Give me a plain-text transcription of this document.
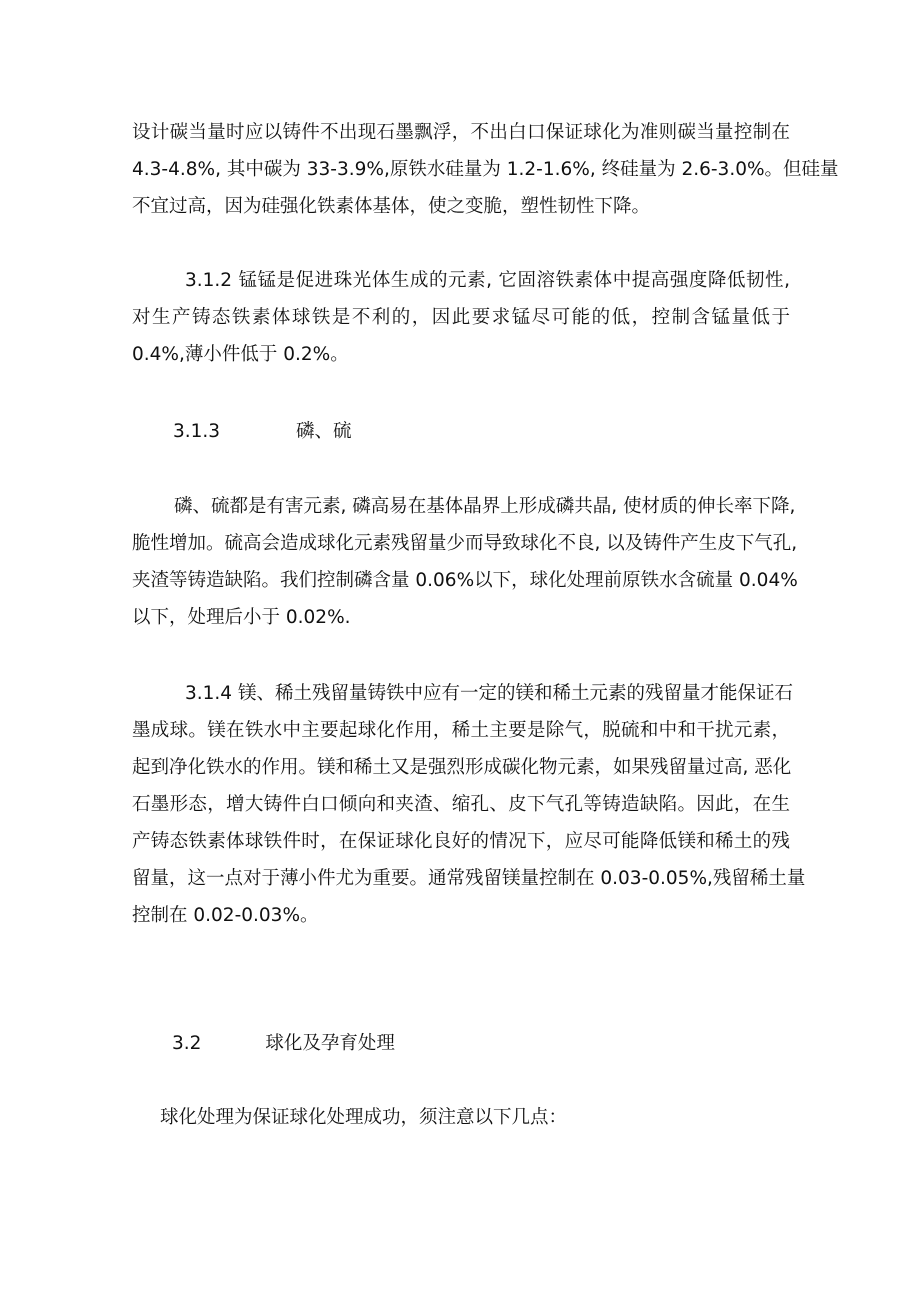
设计碳当量时应以铸件不出现石墨飘浮，不出白口保证球化为准则碳当量控制在
4.3-4.8%, 其中碳为 33-3.9%,原铁水硅量为 1.2-1.6%, 终硅量为 2.6-3.0%。但硅量
不宜过高，因为硅强化铁素体基体，使之变脆，塑性韧性下降。
3.1.2 锰锰是促进珠光体生成的元素, 它固溶铁素体中提高强度降低韧性,
对生产铸态铁素体球铁是不利的，因此要求锰尽可能的低，控制含锰量低于
0.4%,薄小件低于 0.2%。
3.1.3	磷、硫
磷、硫都是有害元素, 磷高易在基体晶界上形成磷共晶, 使材质的伸长率下降,
脆性增加。硫高会造成球化元素残留量少而导致球化不良, 以及铸件产生皮下气孔,
夹渣等铸造缺陷。我们控制磷含量 0.06%以下，球化处理前原铁水含硫量 0.04%
以下，处理后小于 0.02%.
3.1.4 镁、稀土残留量铸铁中应有一定的镁和稀土元素的残留量才能保证石
墨成球。镁在铁水中主要起球化作用，稀土主要是除气，脱硫和中和干扰元素，
起到净化铁水的作用。镁和稀土又是强烈形成碳化物元素，如果残留量过高, 恶化
石墨形态，增大铸件白口倾向和夹渣、缩孔、皮下气孔等铸造缺陷。因此，在生
产铸态铁素体球铁件时，在保证球化良好的情况下，应尽可能降低镁和稀土的残
留量，这一点对于薄小件尤为重要。通常残留镁量控制在 0.03-0.05%,残留稀土量
控制在 0.02-0.03%。
3.2	球化及孕育处理
球化处理为保证球化处理成功，须注意以下几点：
